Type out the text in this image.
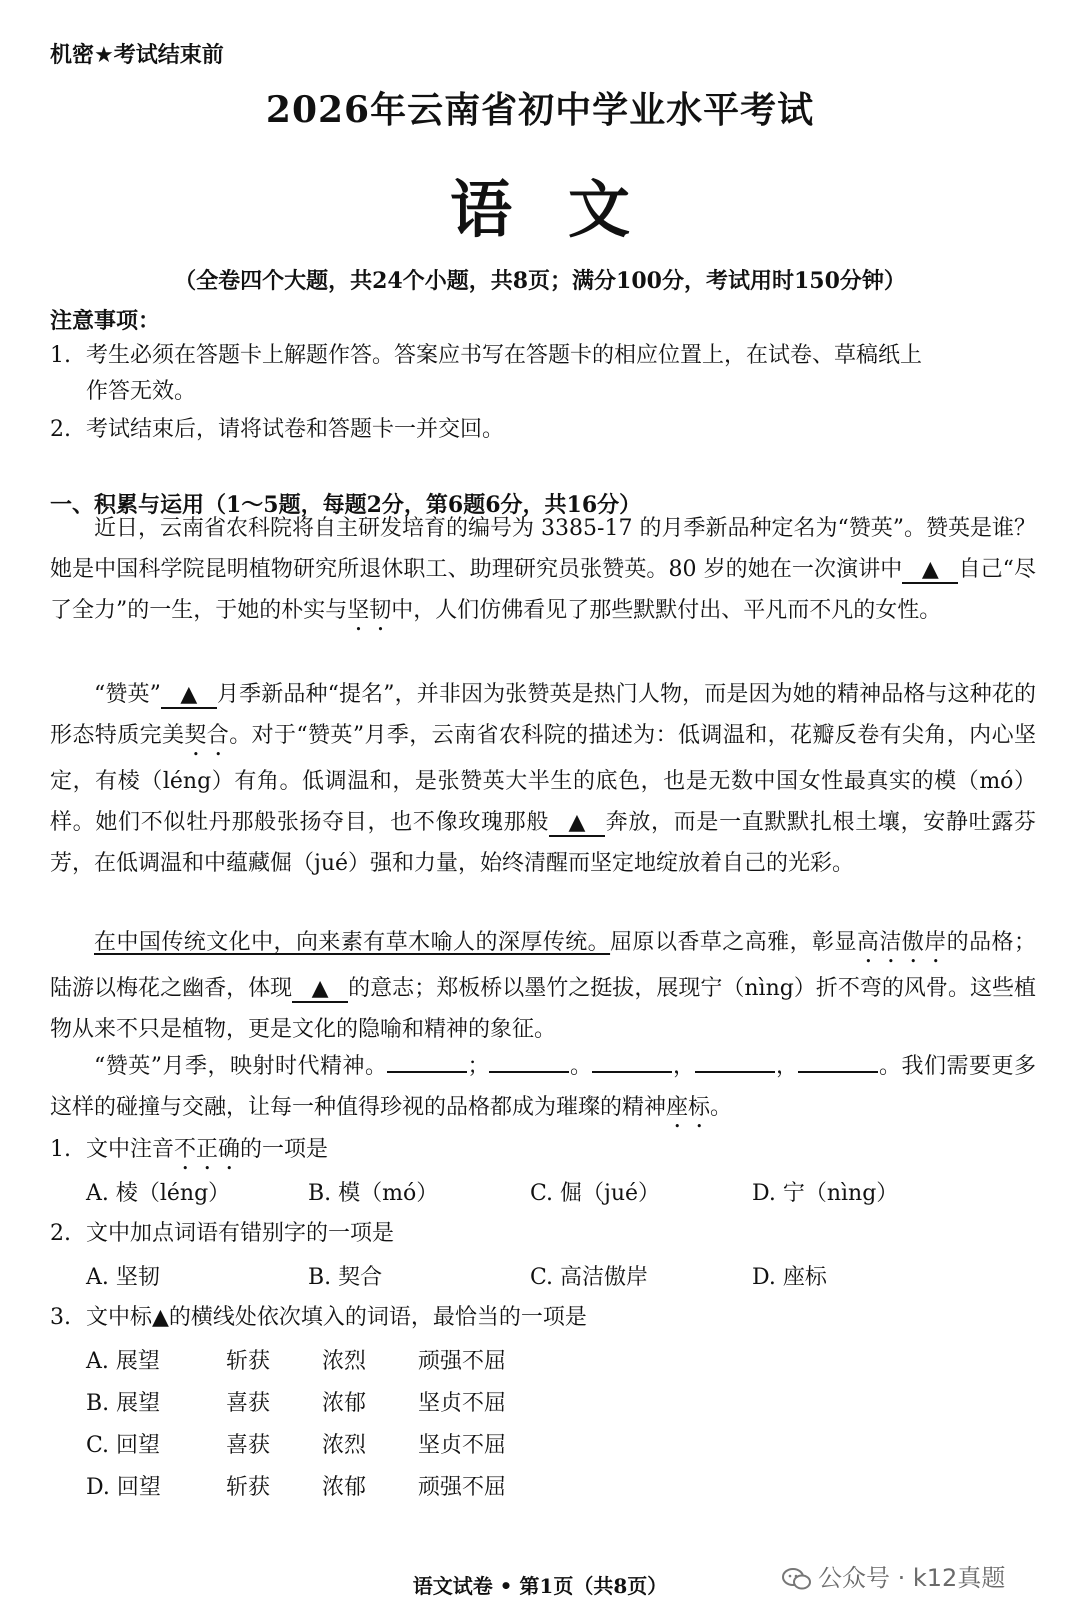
机密★考试结束前
2026年云南省初中学业水平考试
语文
（全卷四个大题，共24个小题，共8页；满分100分，考试用时150分钟）
注意事项：
1. 考生必须在答题卡上解题作答。答案应书写在答题卡的相应位置上，在试卷、草稿纸上
作答无效。
2. 考试结束后，请将试卷和答题卡一并交回。
一、积累与运用（1～5题，每题2分，第6题6分，共16分）
近日，云南省农科院将自主研发培育的编号为 3385-17 的月季新品种定名为“赞英”。赞英是谁？她是中国科学院昆明植物研究所退休职工、助理研究员张赞英。80 岁的她在一次演讲中 ▲ 自己“尽了全力”的一生，于她的朴实与坚韧中，人们仿佛看见了那些默默付出、平凡而不凡的女性。
“赞英” ▲ 月季新品种“提名”，并非因为张赞英是热门人物，而是因为她的精神品格与这种花的形态特质完美契合。对于“赞英”月季，云南省农科院的描述为：低调温和，花瓣反卷有尖角，内心坚定，有棱（léng）有角。低调温和，是张赞英大半生的底色，也是无数中国女性最真实的模（mó）样。她们不似牡丹那般张扬夺目，也不像玫瑰那般 ▲ 奔放，而是一直默默扎根土壤，安静吐露芬芳，在低调温和中蕴藏倔（jué）强和力量，始终清醒而坚定地绽放着自己的光彩。
在中国传统文化中，向来素有草木喻人的深厚传统。屈原以香草之高雅，彰显高洁傲岸的品格；陆游以梅花之幽香，体现 ▲ 的意志；郑板桥以墨竹之挺拔，展现宁（nìng）折不弯的风骨。这些植物从来不只是植物，更是文化的隐喻和精神的象征。
“赞英”月季，映射时代精神。	；	。	，	，	。我们需要更多这样的碰撞与交融，让每一种值得珍视的品格都成为璀璨的精神座标。
1. 文中注音不正确的一项是
A. 棱（léng）	B. 模（mó）	C. 倔（jué）	D. 宁（nìng）
2. 文中加点词语有错别字的一项是
A. 坚韧	B. 契合	C. 高洁傲岸	D. 座标
3. 文中标▲的横线处依次填入的词语，最恰当的一项是
A. 展望	斩获 浓烈 顽强不屈
B. 展望	喜获 浓郁 坚贞不屈
C. 回望	喜获 浓烈 坚贞不屈
D. 回望	斩获 浓郁 顽强不屈
语文试卷 • 第1页（共8页）	公众号 · k12真题
